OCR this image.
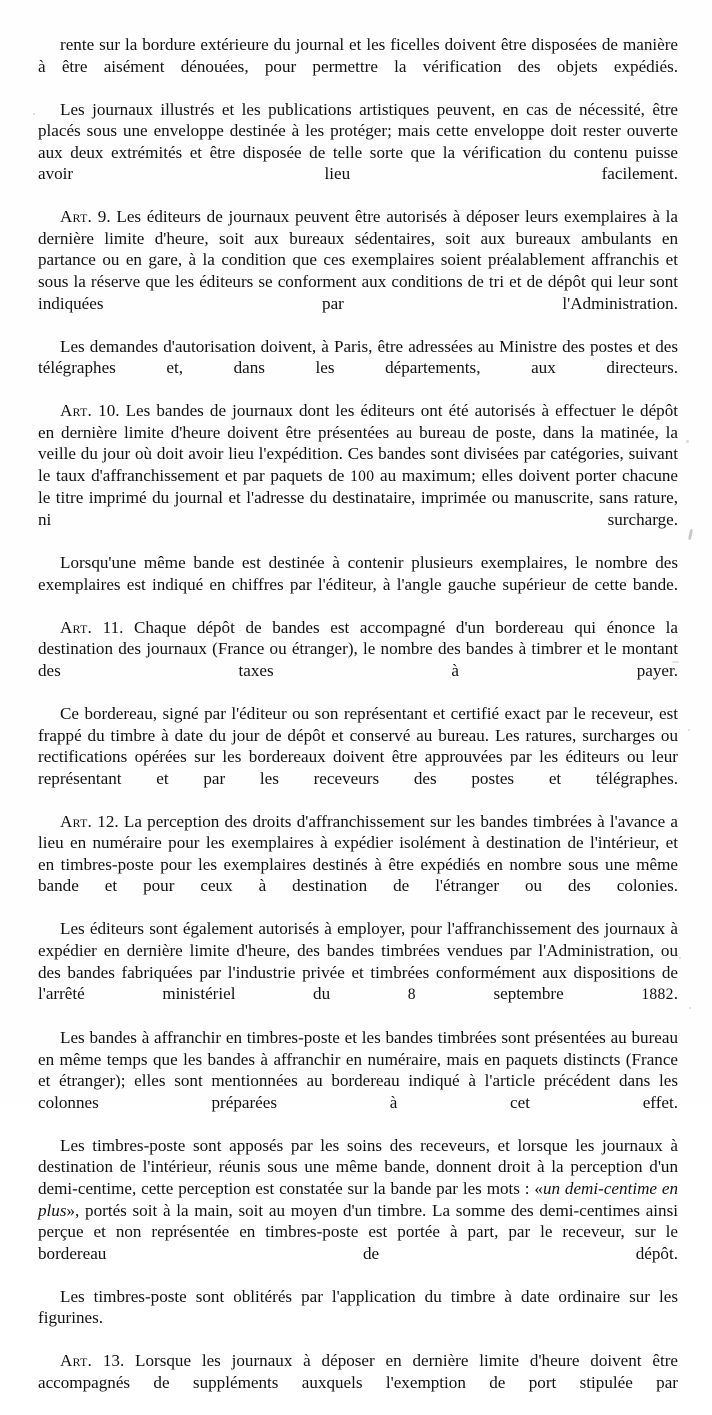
rente sur la bordure extérieure du journal et les ficelles doivent être disposées de manière à être aisément dénouées, pour permettre la vérification des objets expédiés.

Les journaux illustrés et les publications artistiques peuvent, en cas de nécessité, être placés sous une enveloppe destinée à les protéger; mais cette enveloppe doit rester ouverte aux deux extrémités et être disposée de telle sorte que la vérification du contenu puisse avoir lieu facilement.

Art. 9. Les éditeurs de journaux peuvent être autorisés à déposer leurs exemplaires à la dernière limite d'heure, soit aux bureaux sédentaires, soit aux bureaux ambulants en partance ou en gare, à la condition que ces exemplaires soient préalablement affranchis et sous la réserve que les éditeurs se conforment aux conditions de tri et de dépôt qui leur sont indiquées par l'Administration.

Les demandes d'autorisation doivent, à Paris, être adressées au Ministre des postes et des télégraphes et, dans les départements, aux directeurs.

Art. 10. Les bandes de journaux dont les éditeurs ont été autorisés à effectuer le dépôt en dernière limite d'heure doivent être présentées au bureau de poste, dans la matinée, la veille du jour où doit avoir lieu l'expédition. Ces bandes sont divisées par catégories, suivant le taux d'affranchissement et par paquets de 100 au maximum; elles doivent porter chacune le titre imprimé du journal et l'adresse du destinataire, imprimée ou manuscrite, sans rature, ni surcharge.

Lorsqu'une même bande est destinée à contenir plusieurs exemplaires, le nombre des exemplaires est indiqué en chiffres par l'éditeur, à l'angle gauche supérieur de cette bande.

Art. 11. Chaque dépôt de bandes est accompagné d'un bordereau qui énonce la destination des journaux (France ou étranger), le nombre des bandes à timbrer et le montant des taxes à payer.

Ce bordereau, signé par l'éditeur ou son représentant et certifié exact par le receveur, est frappé du timbre à date du jour de dépôt et conservé au bureau. Les ratures, surcharges ou rectifications opérées sur les bordereaux doivent être approuvées par les éditeurs ou leur représentant et par les receveurs des postes et télégraphes.

Art. 12. La perception des droits d'affranchissement sur les bandes timbrées à l'avance a lieu en numéraire pour les exemplaires à expédier isolément à destination de l'intérieur, et en timbres-poste pour les exemplaires destinés à être expédiés en nombre sous une même bande et pour ceux à destination de l'étranger ou des colonies.

Les éditeurs sont également autorisés à employer, pour l'affranchissement des journaux à expédier en dernière limite d'heure, des bandes timbrées vendues par l'Administration, ou des bandes fabriquées par l'industrie privée et timbrées conformément aux dispositions de l'arrêté ministériel du 8 septembre 1882.

Les bandes à affranchir en timbres-poste et les bandes timbrées sont présentées au bureau en même temps que les bandes à affranchir en numéraire, mais en paquets distincts (France et étranger); elles sont mentionnées au bordereau indiqué à l'article précédent dans les colonnes préparées à cet effet.

Les timbres-poste sont apposés par les soins des receveurs, et lorsque les journaux à destination de l'intérieur, réunis sous une même bande, donnent droit à la perception d'un demi-centime, cette perception est constatée sur la bande par les mots : «un demi-centime en plus», portés soit à la main, soit au moyen d'un timbre. La somme des demi-centimes ainsi perçue et non représentée en timbres-poste est portée à part, par le receveur, sur le bordereau de dépôt.

Les timbres-poste sont oblitérés par l'application du timbre à date ordinaire sur les figurines.

Art. 13. Lorsque les journaux à déposer en dernière limite d'heure doivent être accompagnés de suppléments auxquels l'exemption de port stipulée par
